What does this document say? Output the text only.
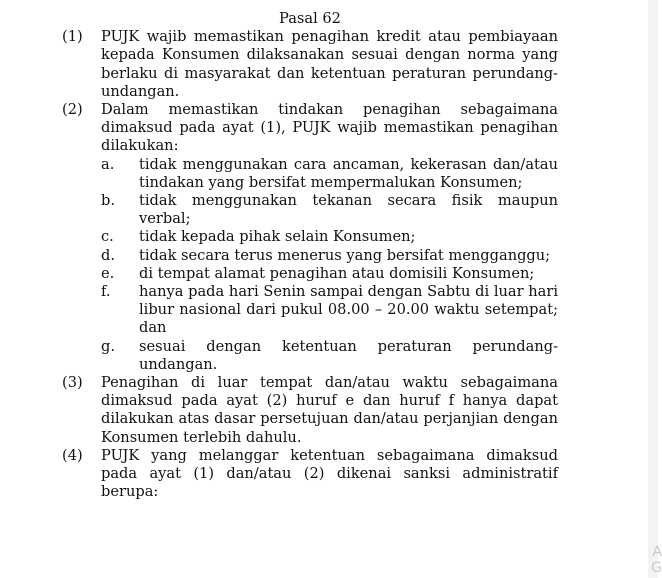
Pasal 62
(1)	PUJK wajib memastikan penagihan kredit atau pembiayaan kepada Konsumen dilaksanakan sesuai dengan norma yang berlaku di masyarakat dan ketentuan peraturan perundang-undangan.
(2)	Dalam memastikan tindakan penagihan sebagaimana dimaksud pada ayat (1), PUJK wajib memastikan penagihan dilakukan:
a.	tidak menggunakan cara ancaman, kekerasan dan/atau tindakan yang bersifat mempermalukan Konsumen;
b.	tidak menggunakan tekanan secara fisik maupun verbal;
c.	tidak kepada pihak selain Konsumen;
d.	tidak secara terus menerus yang bersifat mengganggu;
e.	di tempat alamat penagihan atau domisili Konsumen;
f.	hanya pada hari Senin sampai dengan Sabtu di luar hari libur nasional dari pukul 08.00 – 20.00 waktu setempat; dan
g.	sesuai dengan ketentuan peraturan perundang-undangan.
(3)	Penagihan di luar tempat dan/atau waktu sebagaimana dimaksud pada ayat (2) huruf e dan huruf f hanya dapat dilakukan atas dasar persetujuan dan/atau perjanjian dengan Konsumen terlebih dahulu.
(4)	PUJK yang melanggar ketentuan sebagaimana dimaksud pada ayat (1) dan/atau (2) dikenai sanksi administratif berupa:
A
G
